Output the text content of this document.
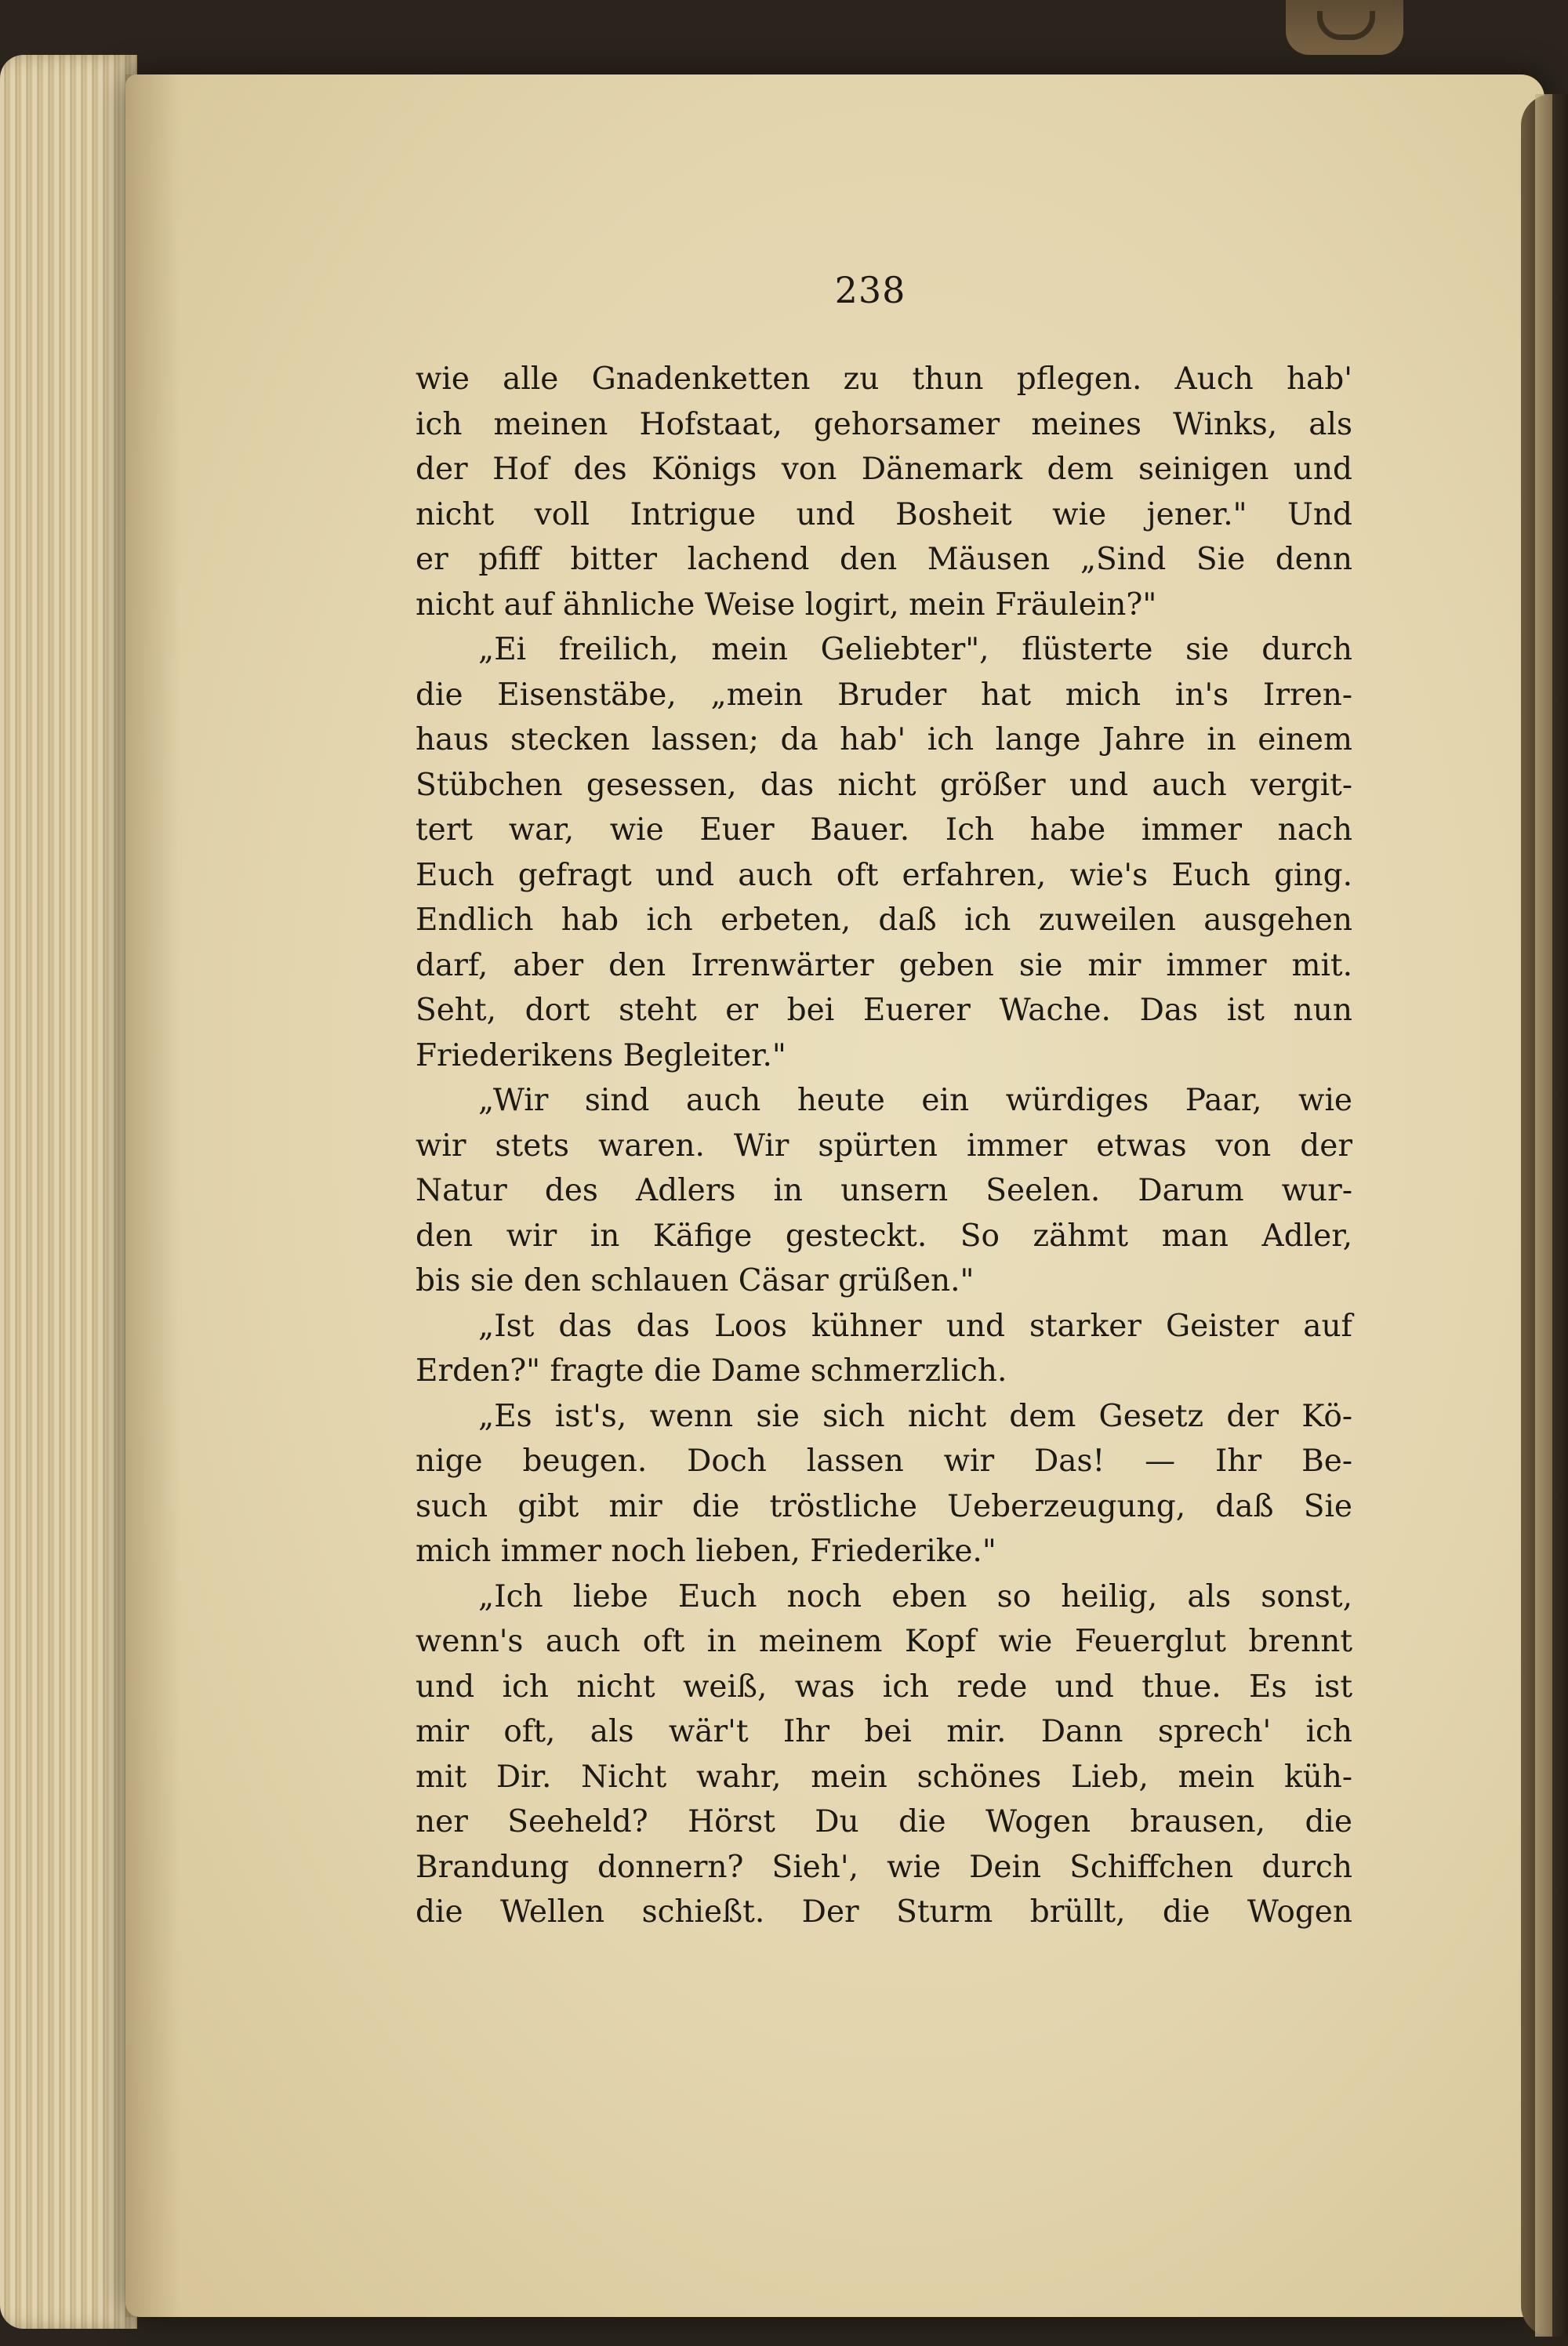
238
wie alle Gnadenketten zu thun pflegen. Auch hab'
ich meinen Hofstaat, gehorsamer meines Winks, als
der Hof des Königs von Dänemark dem seinigen und
nicht voll Intrigue und Bosheit wie jener." Und
er pfiff bitter lachend den Mäusen „Sind Sie denn
nicht auf ähnliche Weise logirt, mein Fräulein?"
„Ei freilich, mein Geliebter", flüsterte sie durch
die Eisenstäbe, „mein Bruder hat mich in's Irren-
haus stecken lassen; da hab' ich lange Jahre in einem
Stübchen gesessen, das nicht größer und auch vergit-
tert war, wie Euer Bauer. Ich habe immer nach
Euch gefragt und auch oft erfahren, wie's Euch ging.
Endlich hab ich erbeten, daß ich zuweilen ausgehen
darf, aber den Irrenwärter geben sie mir immer mit.
Seht, dort steht er bei Euerer Wache. Das ist nun
Friederikens Begleiter."
„Wir sind auch heute ein würdiges Paar, wie
wir stets waren. Wir spürten immer etwas von der
Natur des Adlers in unsern Seelen. Darum wur-
den wir in Käfige gesteckt. So zähmt man Adler,
bis sie den schlauen Cäsar grüßen."
„Ist das das Loos kühner und starker Geister auf
Erden?" fragte die Dame schmerzlich.
„Es ist's, wenn sie sich nicht dem Gesetz der Kö-
nige beugen. Doch lassen wir Das! — Ihr Be-
such gibt mir die tröstliche Ueberzeugung, daß Sie
mich immer noch lieben, Friederike."
„Ich liebe Euch noch eben so heilig, als sonst,
wenn's auch oft in meinem Kopf wie Feuerglut brennt
und ich nicht weiß, was ich rede und thue. Es ist
mir oft, als wär't Ihr bei mir. Dann sprech' ich
mit Dir. Nicht wahr, mein schönes Lieb, mein küh-
ner Seeheld? Hörst Du die Wogen brausen, die
Brandung donnern? Sieh', wie Dein Schiffchen durch
die Wellen schießt. Der Sturm brüllt, die Wogen
